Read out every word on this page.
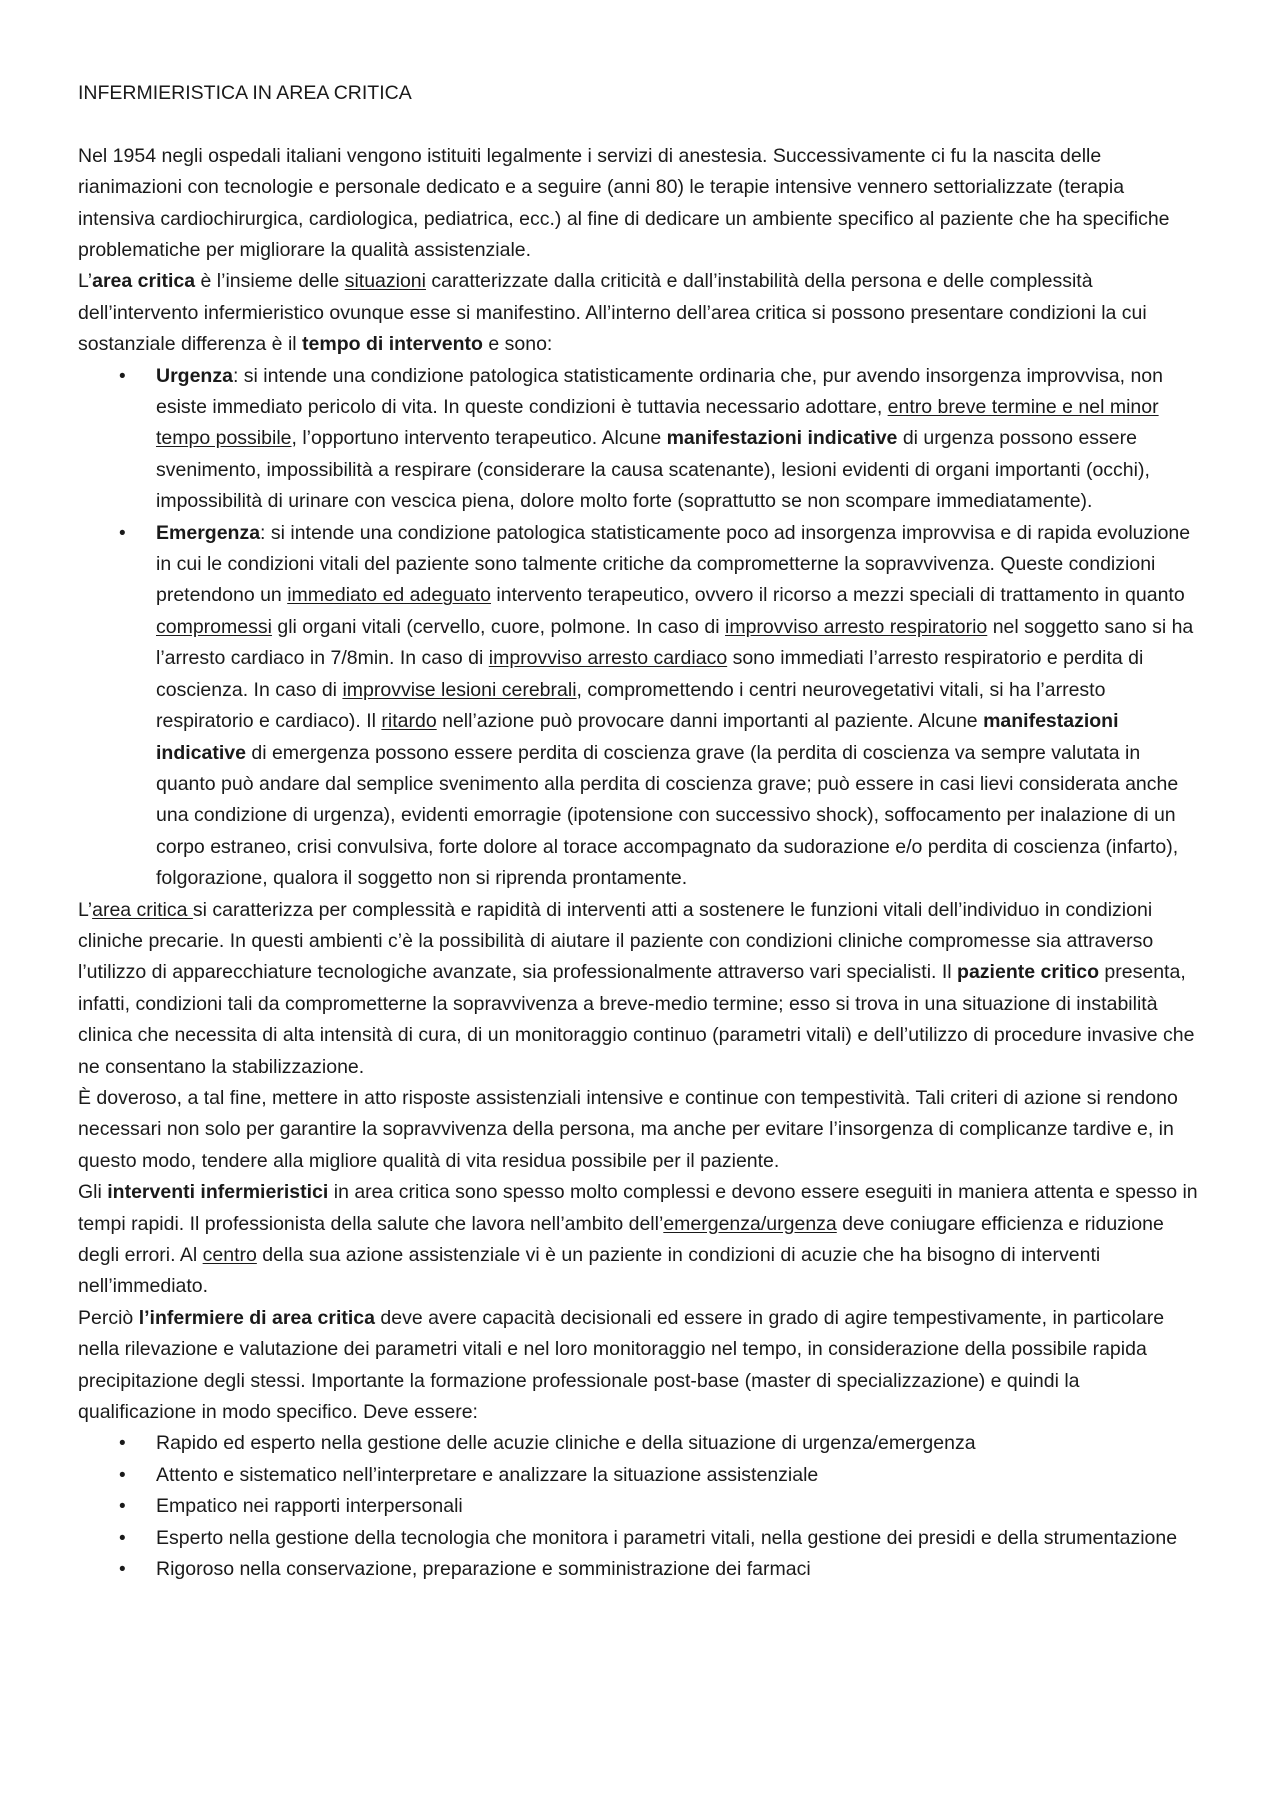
INFERMIERISTICA IN AREA CRITICA

Nel 1954 negli ospedali italiani vengono istituiti legalmente i servizi di anestesia. Successivamente ci fu la nascita delle rianimazioni con tecnologie e personale dedicato e a seguire (anni 80) le terapie intensive vennero settorializzate (terapia intensiva cardiochirurgica, cardiologica, pediatrica, ecc.) al fine di dedicare un ambiente specifico al paziente che ha specifiche problematiche per migliorare la qualità assistenziale.

L’area critica è l’insieme delle situazioni caratterizzate dalla criticità e dall’instabilità della persona e delle complessità dell’intervento infermieristico ovunque esse si manifestino. All’interno dell’area critica si possono presentare condizioni la cui sostanziale differenza è il tempo di intervento e sono:

• Urgenza: si intende una condizione patologica statisticamente ordinaria che, pur avendo insorgenza improvvisa, non esiste immediato pericolo di vita. In queste condizioni è tuttavia necessario adottare, entro breve termine e nel minor tempo possibile, l’opportuno intervento terapeutico. Alcune manifestazioni indicative di urgenza possono essere svenimento, impossibilità a respirare (considerare la causa scatenante), lesioni evidenti di organi importanti (occhi), impossibilità di urinare con vescica piena, dolore molto forte (soprattutto se non scompare immediatamente).
• Emergenza: si intende una condizione patologica statisticamente poco ad insorgenza improvvisa e di rapida evoluzione in cui le condizioni vitali del paziente sono talmente critiche da comprometterne la sopravvivenza. Queste condizioni pretendono un immediato ed adeguato intervento terapeutico, ovvero il ricorso a mezzi speciali di trattamento in quanto compromessi gli organi vitali (cervello, cuore, polmone. In caso di improvviso arresto respiratorio nel soggetto sano si ha l’arresto cardiaco in 7/8min. In caso di improvviso arresto cardiaco sono immediati l’arresto respiratorio e perdita di coscienza. In caso di improvvise lesioni cerebrali, compromettendo i centri neurovegetativi vitali, si ha l’arresto respiratorio e cardiaco). Il ritardo nell’azione può provocare danni importanti al paziente. Alcune manifestazioni indicative di emergenza possono essere perdita di coscienza grave (la perdita di coscienza va sempre valutata in quanto può andare dal semplice svenimento alla perdita di coscienza grave; può essere in casi lievi considerata anche una condizione di urgenza), evidenti emorragie (ipotensione con successivo shock), soffocamento per inalazione di un corpo estraneo, crisi convulsiva, forte dolore al torace accompagnato da sudorazione e/o perdita di coscienza (infarto), folgorazione, qualora il soggetto non si riprenda prontamente.

L’area critica si caratterizza per complessità e rapidità di interventi atti a sostenere le funzioni vitali dell’individuo in condizioni cliniche precarie. In questi ambienti c’è la possibilità di aiutare il paziente con condizioni cliniche compromesse sia attraverso l’utilizzo di apparecchiature tecnologiche avanzate, sia professionalmente attraverso vari specialisti. Il paziente critico presenta, infatti, condizioni tali da comprometterne la sopravvivenza a breve-medio termine; esso si trova in una situazione di instabilità clinica che necessita di alta intensità di cura, di un monitoraggio continuo (parametri vitali) e dell’utilizzo di procedure invasive che ne consentano la stabilizzazione.

È doveroso, a tal fine, mettere in atto risposte assistenziali intensive e continue con tempestività. Tali criteri di azione si rendono necessari non solo per garantire la sopravvivenza della persona, ma anche per evitare l’insorgenza di complicanze tardive e, in questo modo, tendere alla migliore qualità di vita residua possibile per il paziente.

Gli interventi infermieristici in area critica sono spesso molto complessi e devono essere eseguiti in maniera attenta e spesso in tempi rapidi. Il professionista della salute che lavora nell’ambito dell’emergenza/urgenza deve coniugare efficienza e riduzione degli errori. Al centro della sua azione assistenziale vi è un paziente in condizioni di acuzie che ha bisogno di interventi nell’immediato.

Perciò l’infermiere di area critica deve avere capacità decisionali ed essere in grado di agire tempestivamente, in particolare nella rilevazione e valutazione dei parametri vitali e nel loro monitoraggio nel tempo, in considerazione della possibile rapida precipitazione degli stessi. Importante la formazione professionale post-base (master di specializzazione) e quindi la qualificazione in modo specifico. Deve essere:

• Rapido ed esperto nella gestione delle acuzie cliniche e della situazione di urgenza/emergenza
• Attento e sistematico nell’interpretare e analizzare la situazione assistenziale
• Empatico nei rapporti interpersonali
• Esperto nella gestione della tecnologia che monitora i parametri vitali, nella gestione dei presidi e della strumentazione
• Rigoroso nella conservazione, preparazione e somministrazione dei farmaci
